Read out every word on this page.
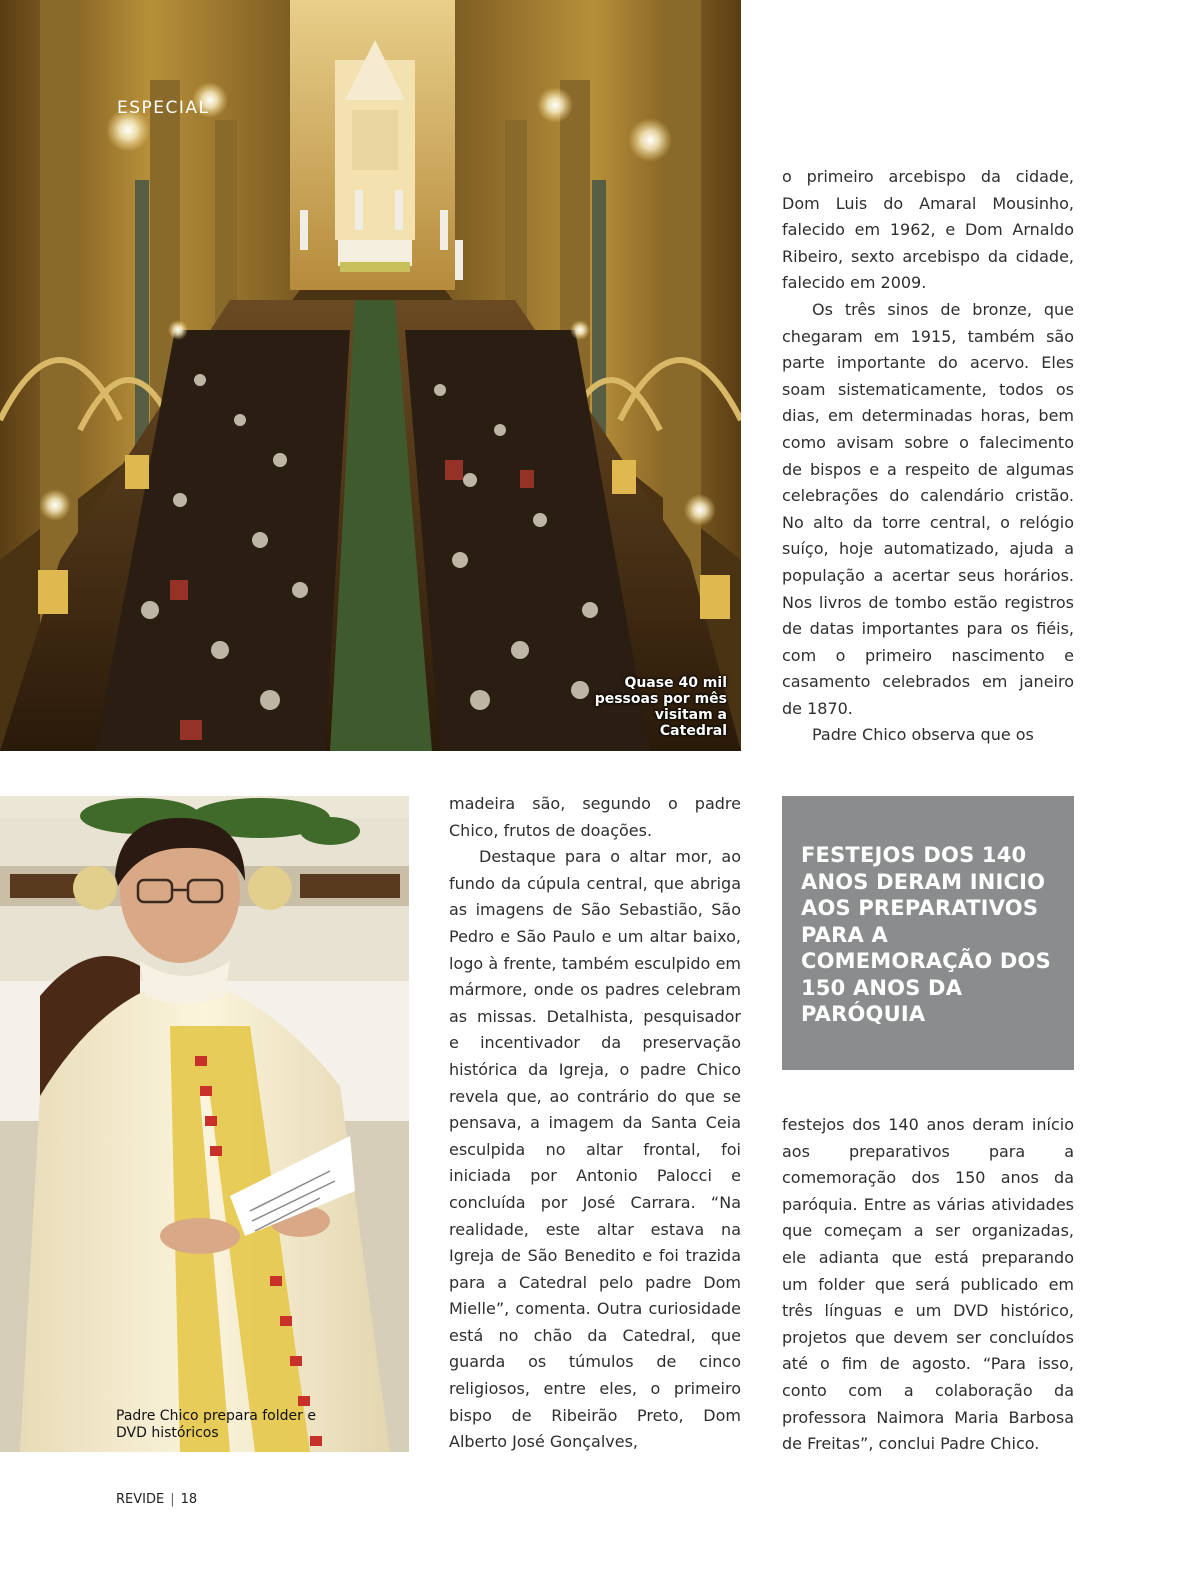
ESPECIAL
Quase 40 mil pessoas por mês visitam a Catedral

o primeiro arcebispo da cidade, Dom Luis do Amaral Mousinho, falecido em 1962, e Dom Arnaldo Ribeiro, sexto arcebispo da cidade, falecido em 2009.

Os três sinos de bronze, que chegaram em 1915, também são parte importante do acervo. Eles soam sistematicamente, todos os dias, em determinadas horas, bem como avisam sobre o falecimento de bispos e a respeito de algumas celebrações do calendário cristão. No alto da torre central, o relógio suíço, hoje automatizado, ajuda a população a acertar seus horários. Nos livros de tombo estão registros de datas importantes para os fiéis, com o primeiro nascimento e casamento celebrados em janeiro de 1870.

Padre Chico observa que os

Padre Chico prepara folder e DVD históricos

madeira são, segundo o padre Chico, frutos de doações.

Destaque para o altar mor, ao fundo da cúpula central, que abriga as imagens de São Sebastião, São Pedro e São Paulo e um altar baixo, logo à frente, também esculpido em mármore, onde os padres celebram as missas. Detalhista, pesquisador e incentivador da preservação histórica da Igreja, o padre Chico revela que, ao contrário do que se pensava, a imagem da Santa Ceia esculpida no altar frontal, foi iniciada por Antonio Palocci e concluída por José Carrara. “Na realidade, este altar estava na Igreja de São Benedito e foi trazida para a Catedral pelo padre Dom Mielle”, comenta. Outra curiosidade está no chão da Catedral, que guarda os túmulos de cinco religiosos, entre eles, o primeiro bispo de Ribeirão Preto, Dom Alberto José Gonçalves,

FESTEJOS DOS 140 ANOS DERAM INICIO AOS PREPARATIVOS PARA A COMEMORAÇÃO DOS 150 ANOS DA PARÓQUIA

festejos dos 140 anos deram início aos preparativos para a comemoração dos 150 anos da paróquia. Entre as várias atividades que começam a ser organizadas, ele adianta que está preparando um folder que será publicado em três línguas e um DVD histórico, projetos que devem ser concluídos até o fim de agosto. “Para isso, conto com a colaboração da professora Naimora Maria Barbosa de Freitas”, conclui Padre Chico.

REVIDE | 18
